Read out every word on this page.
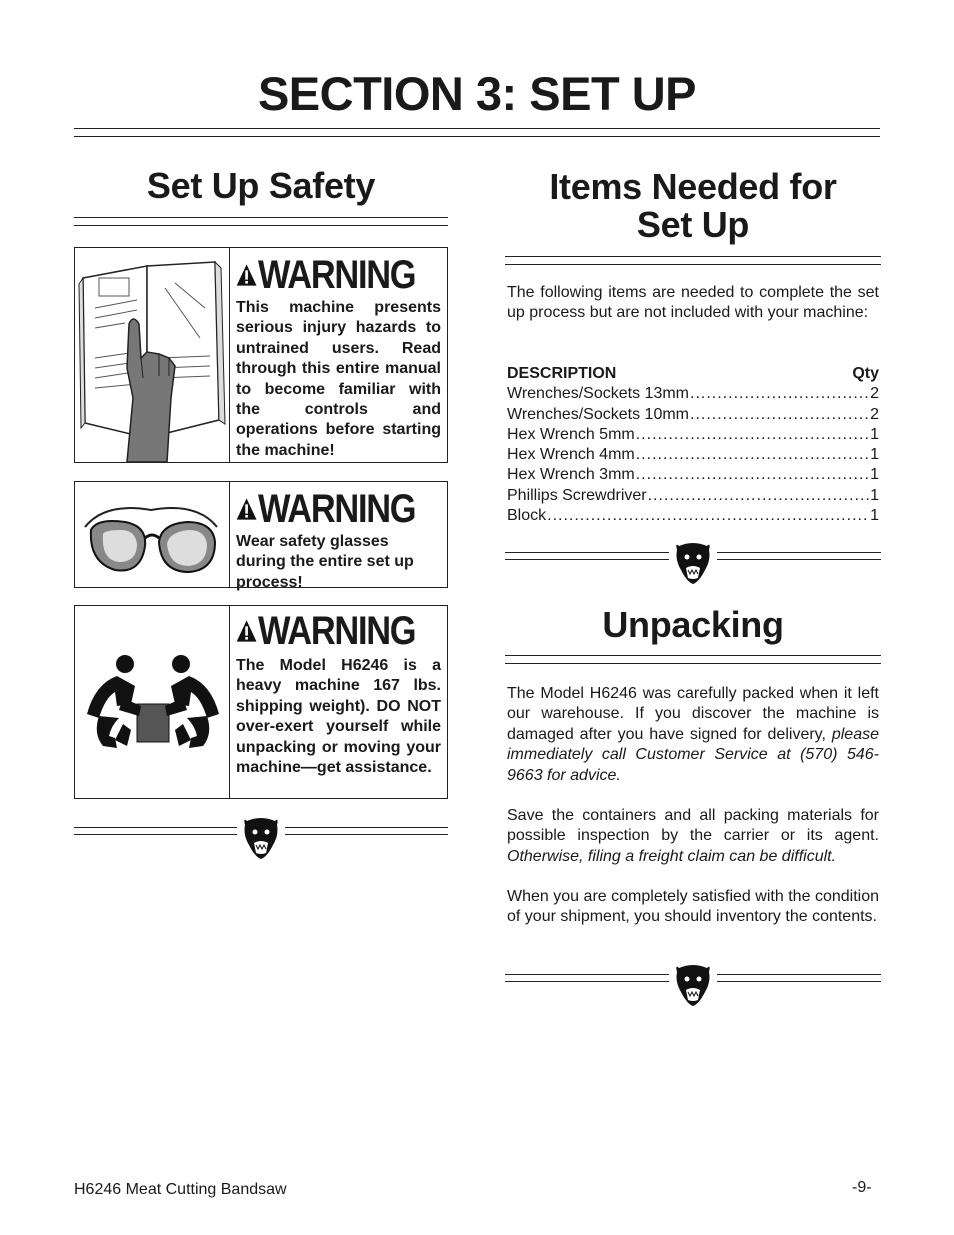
SECTION 3: SET UP
Set Up Safety
WARNING
This machine presents serious injury hazards to untrained users. Read through this entire manual to become familiar with the controls and operations before starting the machine!
WARNING
Wear safety glasses during the entire set up process!
WARNING
The Model H6246 is a heavy machine 167 lbs. shipping weight). DO NOT over-exert yourself while unpacking or moving your machine—get assistance.
Items Needed for
Set Up
The following items are needed to complete the set up process but are not included with your machine:
DESCRIPTION	Qty
Wrenches/Sockets 13mm .....	2
Wrenches/Sockets 10mm .....	2
Hex Wrench 5mm .....	1
Hex Wrench 4mm .....	1
Hex Wrench 3mm .....	1
Phillips Screwdriver .....	1
Block .....	1
Unpacking
The Model H6246 was carefully packed when it left our warehouse. If you discover the machine is damaged after you have signed for delivery, please immediately call Customer Service at (570) 546-9663 for advice.
Save the containers and all packing materials for possible inspection by the carrier or its agent. Otherwise, filing a freight claim can be difficult.
When you are completely satisfied with the condition of your shipment, you should inventory the contents.
H6246 Meat Cutting Bandsaw	-9-
